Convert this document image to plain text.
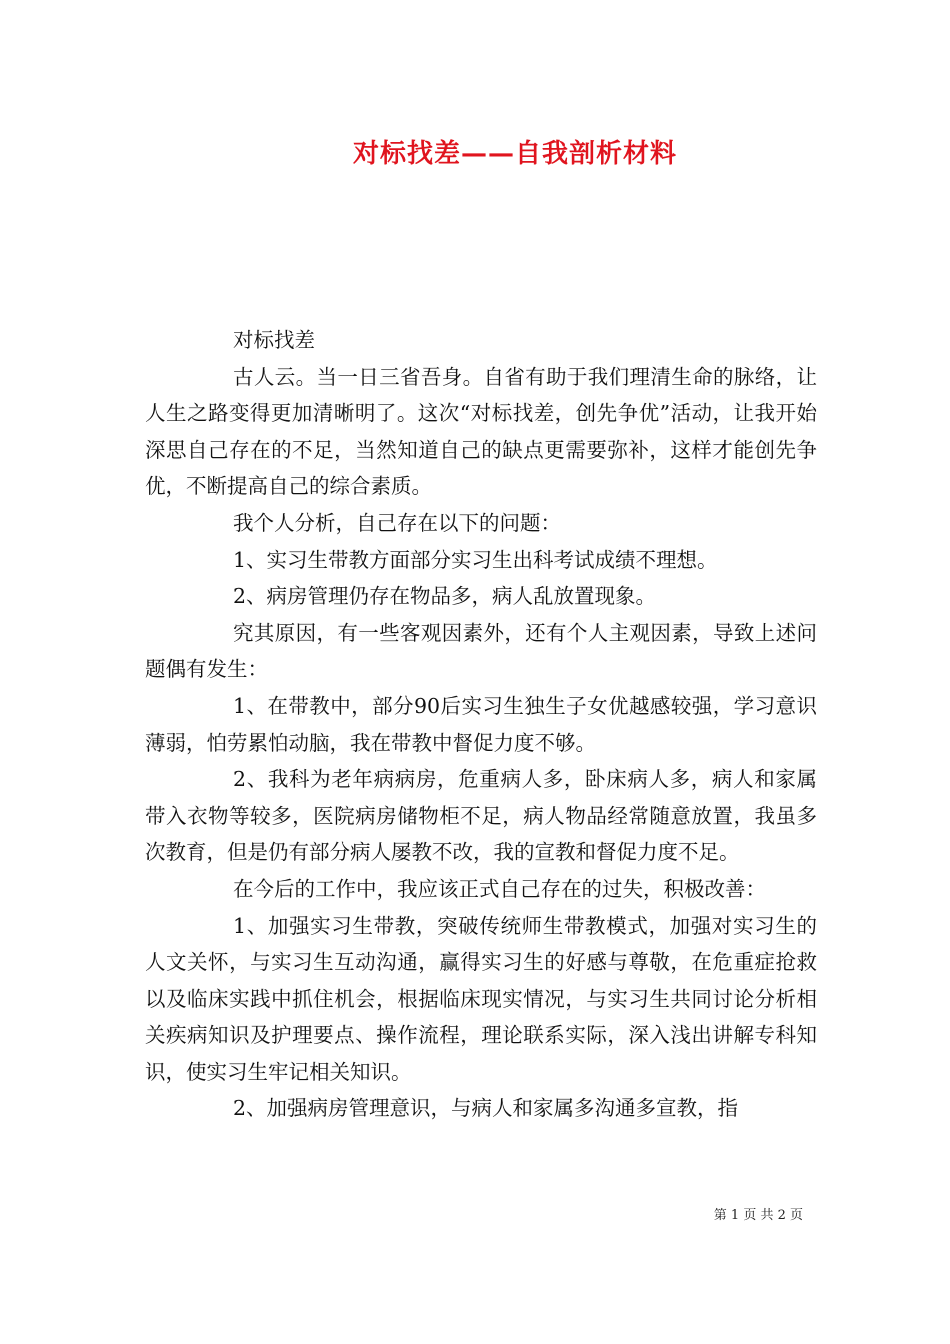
对标找差——自我剖析材料

对标找差

古人云。当一日三省吾身。自省有助于我们理清生命的脉络，让人生之路变得更加清晰明了。这次“对标找差，创先争优”活动，让我开始深思自己存在的不足，当然知道自己的缺点更需要弥补，这样才能创先争优，不断提高自己的综合素质。

我个人分析，自己存在以下的问题：

1、实习生带教方面部分实习生出科考试成绩不理想。

2、病房管理仍存在物品多，病人乱放置现象。

究其原因，有一些客观因素外，还有个人主观因素，导致上述问题偶有发生：

1、在带教中，部分90后实习生独生子女优越感较强，学习意识薄弱，怕劳累怕动脑，我在带教中督促力度不够。

2、我科为老年病病房，危重病人多，卧床病人多，病人和家属带入衣物等较多，医院病房储物柜不足，病人物品经常随意放置，我虽多次教育，但是仍有部分病人屡教不改，我的宣教和督促力度不足。

在今后的工作中，我应该正式自己存在的过失，积极改善：

1、加强实习生带教，突破传统师生带教模式，加强对实习生的人文关怀，与实习生互动沟通，赢得实习生的好感与尊敬，在危重症抢救以及临床实践中抓住机会，根据临床现实情况，与实习生共同讨论分析相关疾病知识及护理要点、操作流程，理论联系实际，深入浅出讲解专科知识，使实习生牢记相关知识。

2、加强病房管理意识，与病人和家属多沟通多宣教，指

第 1 页 共 2 页
